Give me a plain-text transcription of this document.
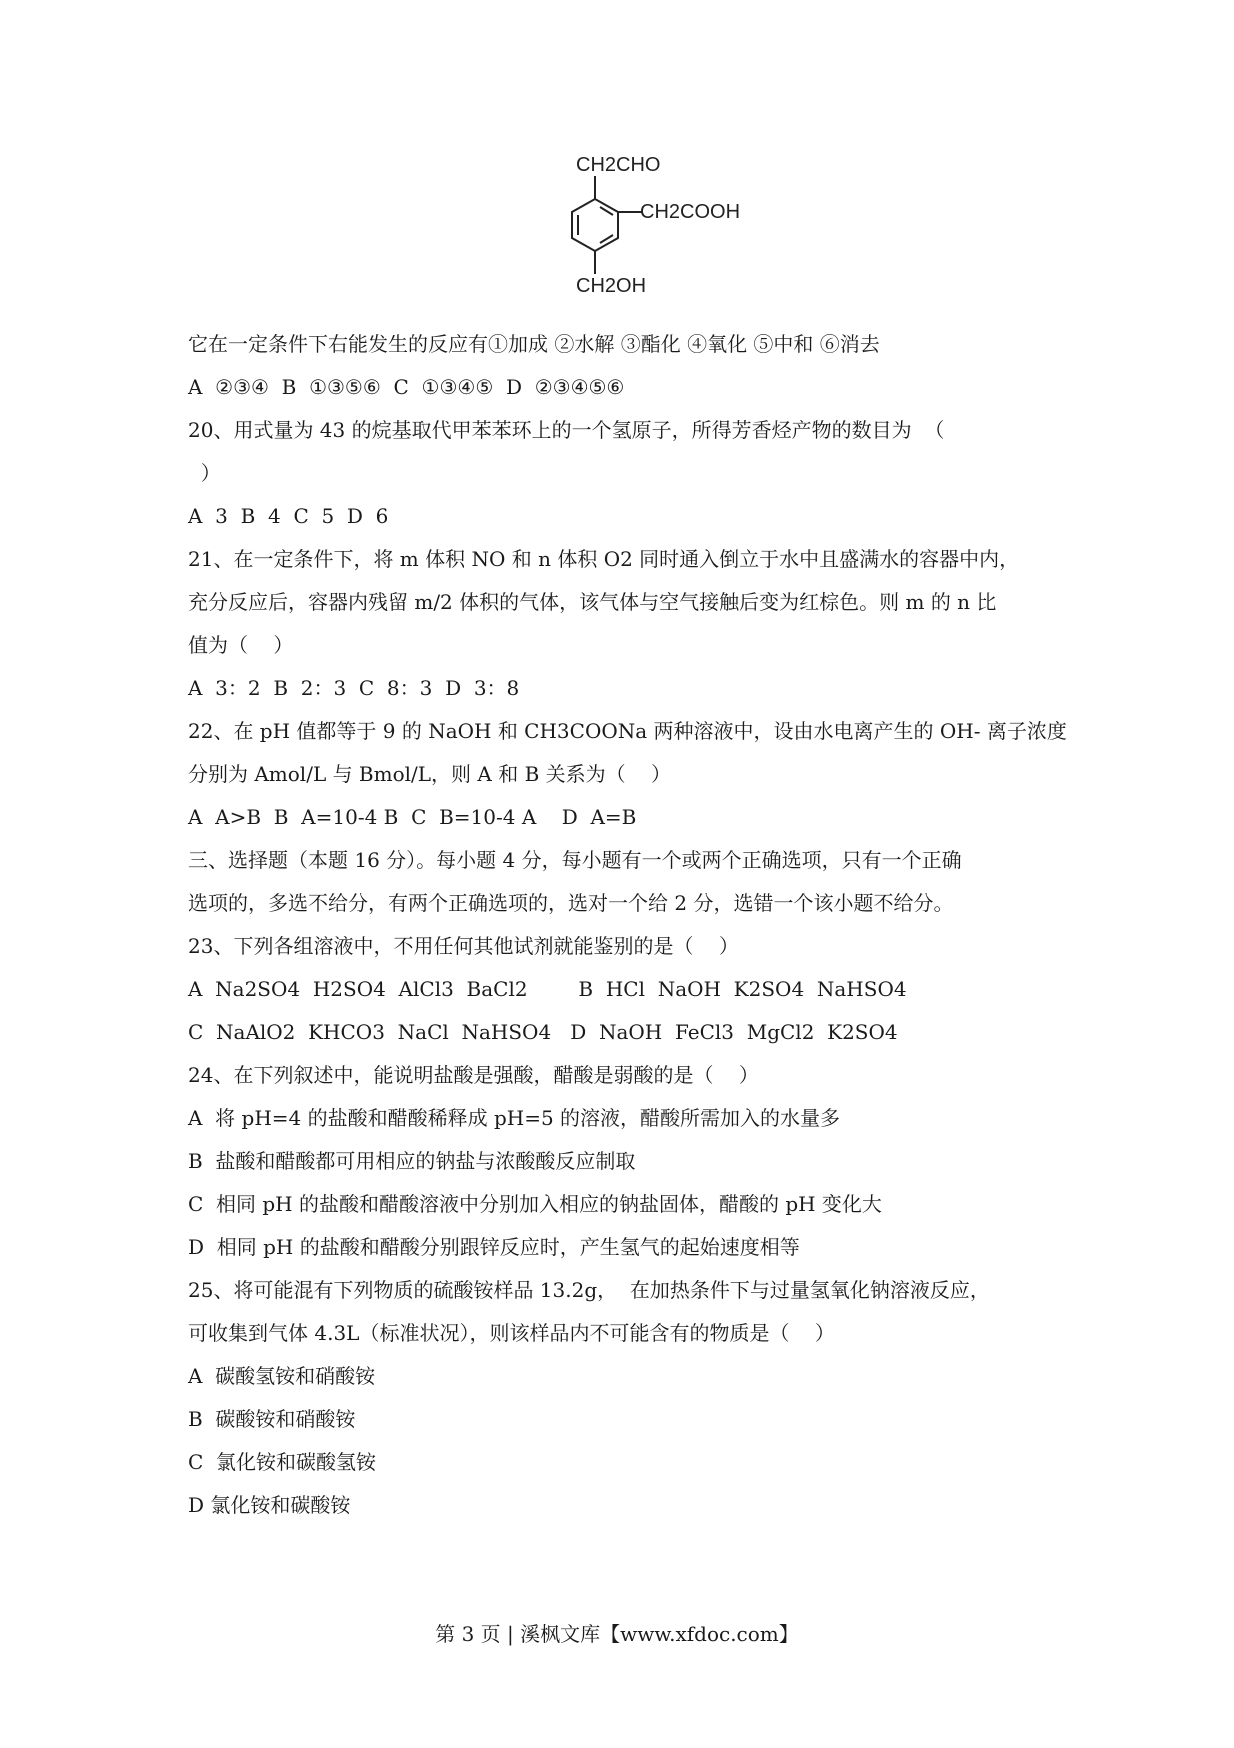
CH2CHO
CH2COOH
CH2OH
它在一定条件下右能发生的反应有①加成 ②水解 ③酯化 ④氧化 ⑤中和 ⑥消去
A  ②③④  B  ①③⑤⑥  C  ①③④⑤  D  ②③④⑤⑥
20、用式量为 43 的烷基取代甲苯苯环上的一个氢原子，所得芳香烃产物的数目为  （
）
A  3  B  4  C  5  D  6
21、在一定条件下，将 m 体积 NO 和 n 体积 O2 同时通入倒立于水中且盛满水的容器中内，
充分反应后，容器内残留 m/2 体积的气体，该气体与空气接触后变为红棕色。则 m 的 n 比
值为（    ）
A  3：2  B  2：3  C  8：3  D  3：8
22、在 pH 值都等于 9 的 NaOH 和 CH3COONa 两种溶液中，设由水电离产生的 OH- 离子浓度
分别为 Amol/L 与 Bmol/L，则 A 和 B 关系为（    ）
A  A>B  B  A=10-4 B  C  B=10-4 A    D  A=B
三、选择题（本题 16 分）。每小题 4 分，每小题有一个或两个正确选项，只有一个正确
选项的，多选不给分，有两个正确选项的，选对一个给 2 分，选错一个该小题不给分。
23、下列各组溶液中，不用任何其他试剂就能鉴别的是（    ）
A  Na2SO4  H2SO4  AlCl3  BaCl2        B  HCl  NaOH  K2SO4  NaHSO4
C  NaAlO2  KHCO3  NaCl  NaHSO4   D  NaOH  FeCl3  MgCl2  K2SO4
24、在下列叙述中，能说明盐酸是强酸，醋酸是弱酸的是（    ）
A  将 pH=4 的盐酸和醋酸稀释成 pH=5 的溶液，醋酸所需加入的水量多
B  盐酸和醋酸都可用相应的钠盐与浓酸酸反应制取
C  相同 pH 的盐酸和醋酸溶液中分别加入相应的钠盐固体，醋酸的 pH 变化大
D  相同 pH 的盐酸和醋酸分别跟锌反应时，产生氢气的起始速度相等
25、将可能混有下列物质的硫酸铵样品 13.2g，  在加热条件下与过量氢氧化钠溶液反应，
可收集到气体 4.3L（标准状况），则该样品内不可能含有的物质是（    ）
A  碳酸氢铵和硝酸铵
B  碳酸铵和硝酸铵
C  氯化铵和碳酸氢铵
D 氯化铵和碳酸铵
第 3 页 | 溪枫文库【www.xfdoc.com】
